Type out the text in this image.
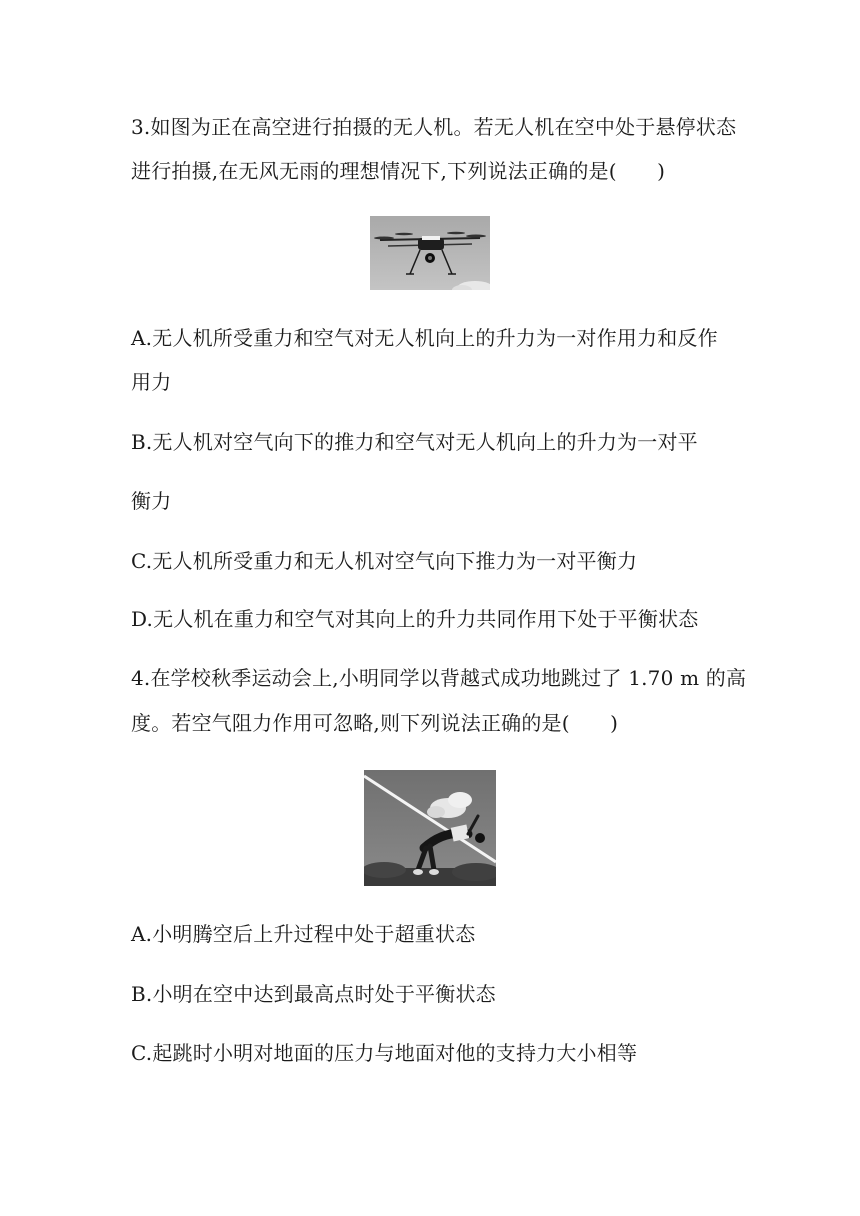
3.如图为正在高空进行拍摄的无人机。若无人机在空中处于悬停状态
进行拍摄,在无风无雨的理想情况下,下列说法正确的是(　　)
A.无人机所受重力和空气对无人机向上的升力为一对作用力和反作
用力
B.无人机对空气向下的推力和空气对无人机向上的升力为一对平
衡力
C.无人机所受重力和无人机对空气向下推力为一对平衡力
D.无人机在重力和空气对其向上的升力共同作用下处于平衡状态
4.在学校秋季运动会上,小明同学以背越式成功地跳过了 1.70 m 的高
度。若空气阻力作用可忽略,则下列说法正确的是(　　)
A.小明腾空后上升过程中处于超重状态
B.小明在空中达到最高点时处于平衡状态
C.起跳时小明对地面的压力与地面对他的支持力大小相等
